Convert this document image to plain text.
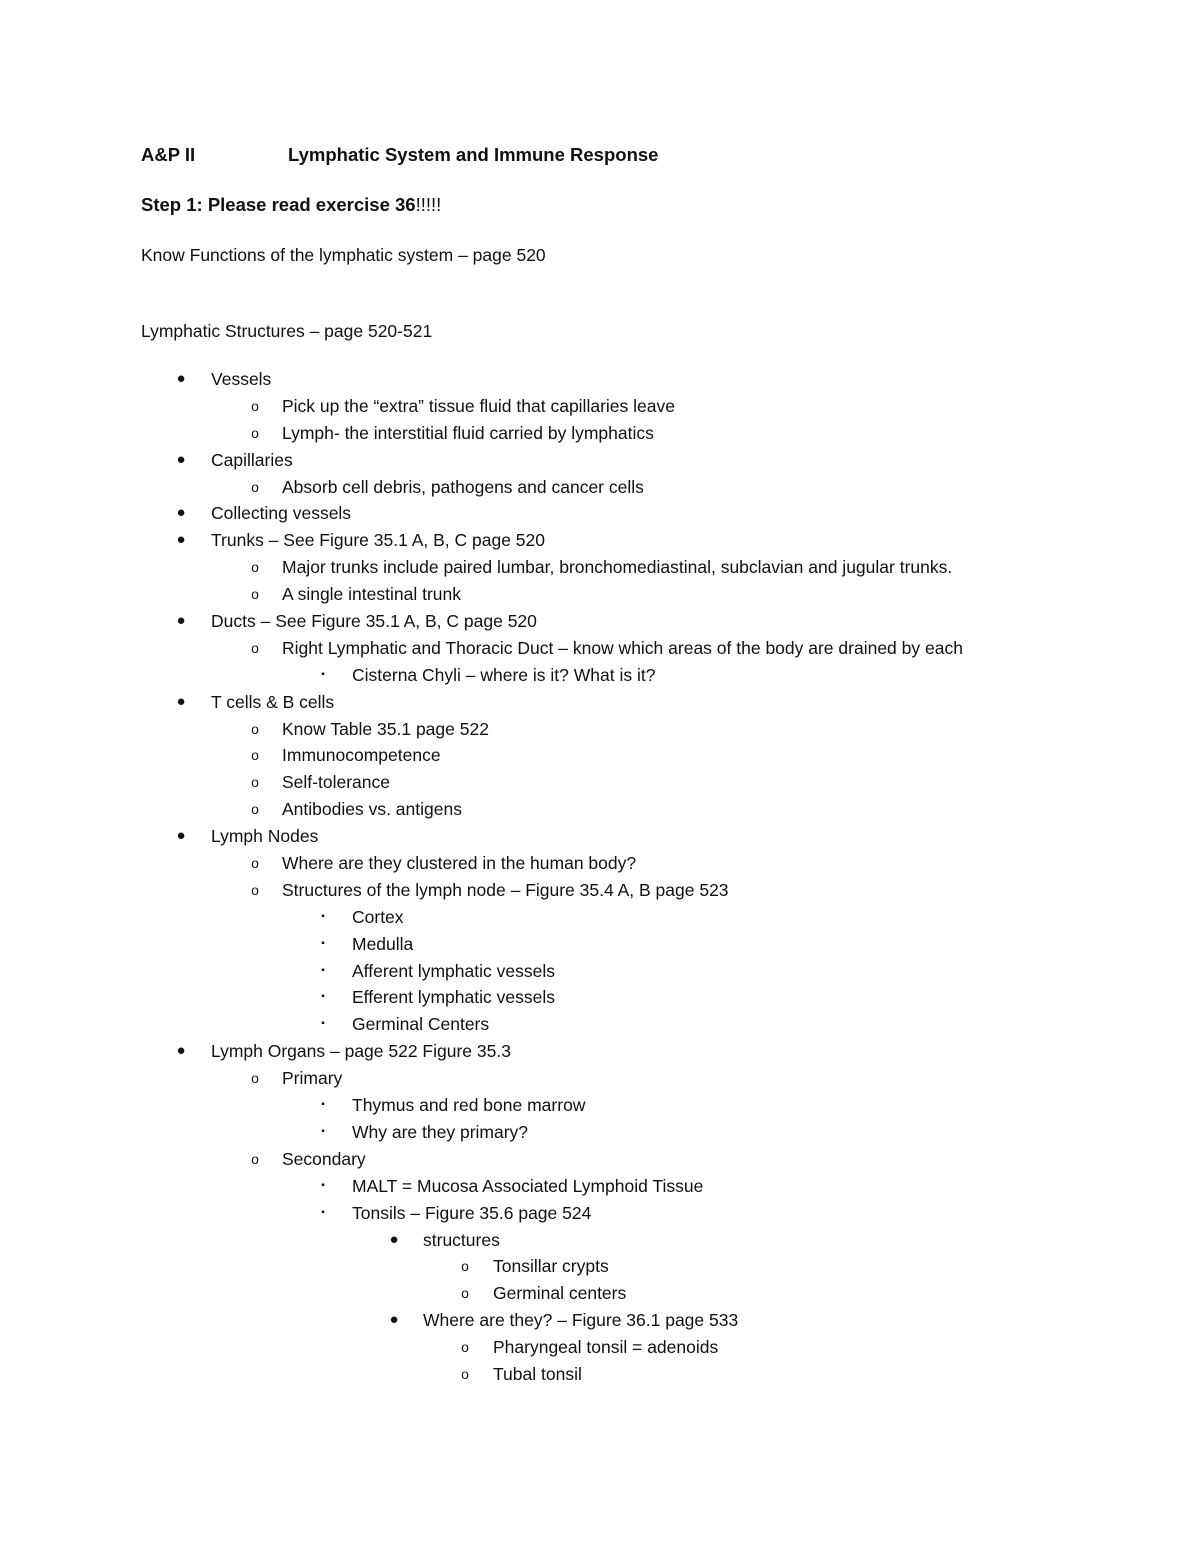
A&P II	Lymphatic System and Immune Response
Step 1: Please read exercise 36!!!!!
Know Functions of the lymphatic system – page 520
Lymphatic Structures – page 520-521
●	Vessels
o	Pick up the “extra” tissue fluid that capillaries leave
o	Lymph- the interstitial fluid carried by lymphatics
●	Capillaries
o	Absorb cell debris, pathogens and cancer cells
●	Collecting vessels
●	Trunks – See Figure 35.1 A, B, C page 520
o	Major trunks include paired lumbar, bronchomediastinal, subclavian and jugular trunks.
o	A single intestinal trunk
●	Ducts – See Figure 35.1 A, B, C page 520
o	Right Lymphatic and Thoracic Duct – know which areas of the body are drained by each
▪	Cisterna Chyli – where is it? What is it?
●	T cells & B cells
o	Know Table 35.1 page 522
o	Immunocompetence
o	Self-tolerance
o	Antibodies vs. antigens
●	Lymph Nodes
o	Where are they clustered in the human body?
o	Structures of the lymph node – Figure 35.4 A, B page 523
▪	Cortex
▪	Medulla
▪	Afferent lymphatic vessels
▪	Efferent lymphatic vessels
▪	Germinal Centers
●	Lymph Organs – page 522 Figure 35.3
o	Primary
▪	Thymus and red bone marrow
▪	Why are they primary?
o	Secondary
▪	MALT = Mucosa Associated Lymphoid Tissue
▪	Tonsils – Figure 35.6 page 524
●	structures
o	Tonsillar crypts
o	Germinal centers
●	Where are they? – Figure 36.1 page 533
o	Pharyngeal tonsil = adenoids
o	Tubal tonsil
